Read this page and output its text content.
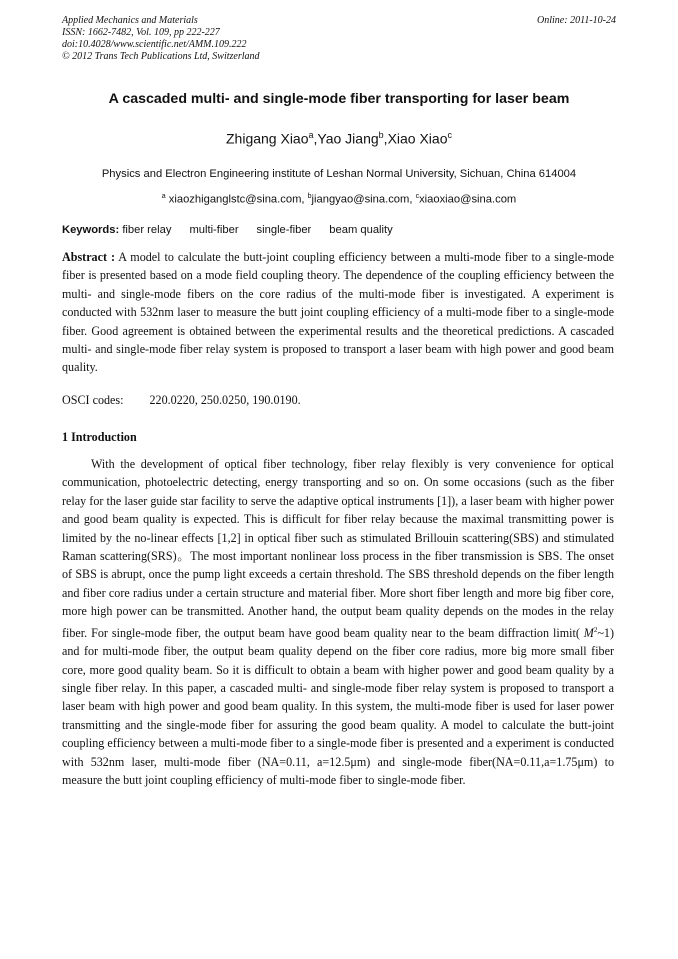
Applied Mechanics and Materials
ISSN: 1662-7482, Vol. 109, pp 222-227
doi:10.4028/www.scientific.net/AMM.109.222
© 2012 Trans Tech Publications Ltd, Switzerland
Online: 2011-10-24
A cascaded multi- and single-mode fiber transporting for laser beam
Zhigang Xiao$^a$,Yao Jiang$^b$,Xiao Xiao$^c$
Physics and Electron Engineering institute of Leshan Normal University, Sichuan, China 614004
$^a$ xiaozhiganglstc@sina.com, $^b$jiangyao@sina.com, $^c$xiaoxiao@sina.com
Keywords: fiber relay multi-fiber single-fiber beam quality
Abstract : A model to calculate the butt-joint coupling efficiency between a multi-mode fiber to a single-mode fiber is presented based on a mode field coupling theory. The dependence of the coupling efficiency between the multi- and single-mode fibers on the core radius of the multi-mode fiber is investigated. A experiment is conducted with 532nm laser to measure the butt joint coupling efficiency of a multi-mode fiber to a single-mode fiber. Good agreement is obtained between the experimental results and the theoretical predictions. A cascaded multi- and single-mode fiber relay system is proposed to transport a laser beam with high power and good beam quality.
OSCI codes: 220.0220, 250.0250, 190.0190.
1 Introduction
With the development of optical fiber technology, fiber relay flexibly is very convenience for optical communication, photoelectric detecting, energy transporting and so on. On some occasions (such as the fiber relay for the laser guide star facility to serve the adaptive optical instruments [1]), a laser beam with higher power and good beam quality is expected. This is difficult for fiber relay because the maximal transmitting power is limited by the no-linear effects [1,2] in optical fiber such as stimulated Brillouin scattering(SBS) and stimulated Raman scattering(SRS)。The most important nonlinear loss process in the fiber transmission is SBS. The onset of SBS is abrupt, once the pump light exceeds a certain threshold. The SBS threshold depends on the fiber length and fiber core radius under a certain structure and material fiber. More short fiber length and more big fiber core, more high power can be transmitted. Another hand, the output beam quality depends on the modes in the relay fiber. For single-mode fiber, the output beam have good beam quality near to the beam diffraction limit( $M^2\sim 1$) and for multi-mode fiber, the output beam quality depend on the fiber core radius, more big more small fiber core, more good quality beam. So it is difficult to obtain a beam with higher power and good beam quality by a single fiber relay. In this paper, a cascaded multi- and single-mode fiber relay system is proposed to transport a laser beam with high power and good beam quality. In this system, the multi-mode fiber is used for laser power transmitting and the single-mode fiber for assuring the good beam quality. A model to calculate the butt-joint coupling efficiency between a multi-mode fiber to a single-mode fiber is presented and a experiment is conducted with 532nm laser, multi-mode fiber (NA=0.11, a=12.5μm) and single-mode fiber(NA=0.11,a=1.75μm) to measure the butt joint coupling efficiency of multi-mode fiber to single-mode fiber.
